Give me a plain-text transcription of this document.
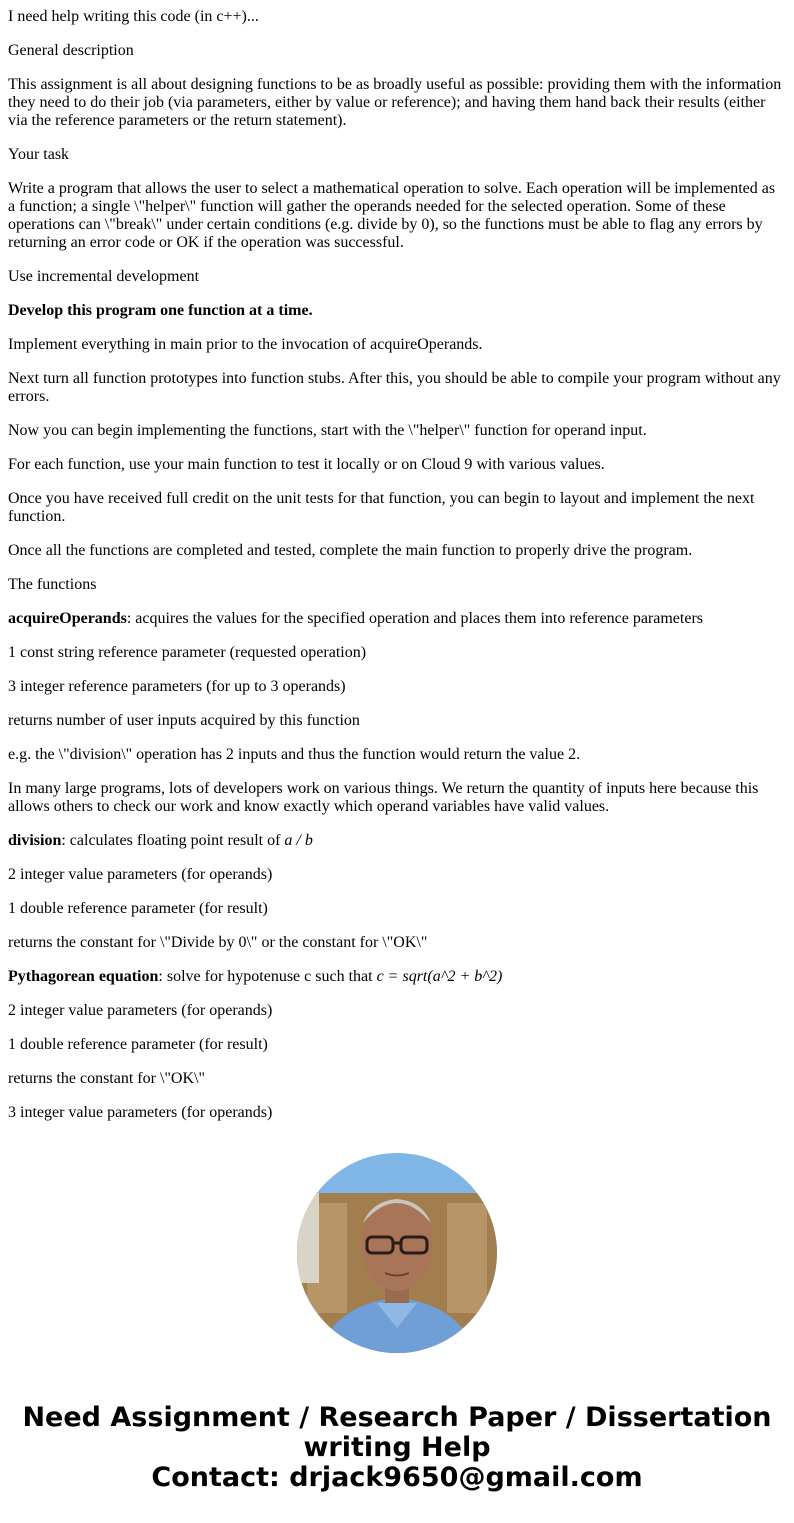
I need help writing this code (in c++)...

General description

This assignment is all about designing functions to be as broadly useful as possible: providing them with the information they need to do their job (via parameters, either by value or reference); and having them hand back their results (either via the reference parameters or the return statement).

Your task

Write a program that allows the user to select a mathematical operation to solve. Each operation will be implemented as a function; a single \"helper\" function will gather the operands needed for the selected operation. Some of these operations can \"break\" under certain conditions (e.g. divide by 0), so the functions must be able to flag any errors by returning an error code or OK if the operation was successful.

Use incremental development

Develop this program one function at a time.

Implement everything in main prior to the invocation of acquireOperands.

Next turn all function prototypes into function stubs. After this, you should be able to compile your program without any errors.

Now you can begin implementing the functions, start with the \"helper\" function for operand input.

For each function, use your main function to test it locally or on Cloud 9 with various values.

Once you have received full credit on the unit tests for that function, you can begin to layout and implement the next function.

Once all the functions are completed and tested, complete the main function to properly drive the program.

The functions

acquireOperands: acquires the values for the specified operation and places them into reference parameters

1 const string reference parameter (requested operation)

3 integer reference parameters (for up to 3 operands)

returns number of user inputs acquired by this function

e.g. the \"division\" operation has 2 inputs and thus the function would return the value 2.

In many large programs, lots of developers work on various things. We return the quantity of inputs here because this allows others to check our work and know exactly which operand variables have valid values.

division: calculates floating point result of a / b

2 integer value parameters (for operands)

1 double reference parameter (for result)

returns the constant for \"Divide by 0\" or the constant for \"OK\"

Pythagorean equation: solve for hypotenuse c such that c = sqrt(a^2 + b^2)

2 integer value parameters (for operands)

1 double reference parameter (for result)

returns the constant for \"OK\"

3 integer value parameters (for operands)

Need Assignment / Research Paper / Dissertation
writing Help
Contact: drjack9650@gmail.com
